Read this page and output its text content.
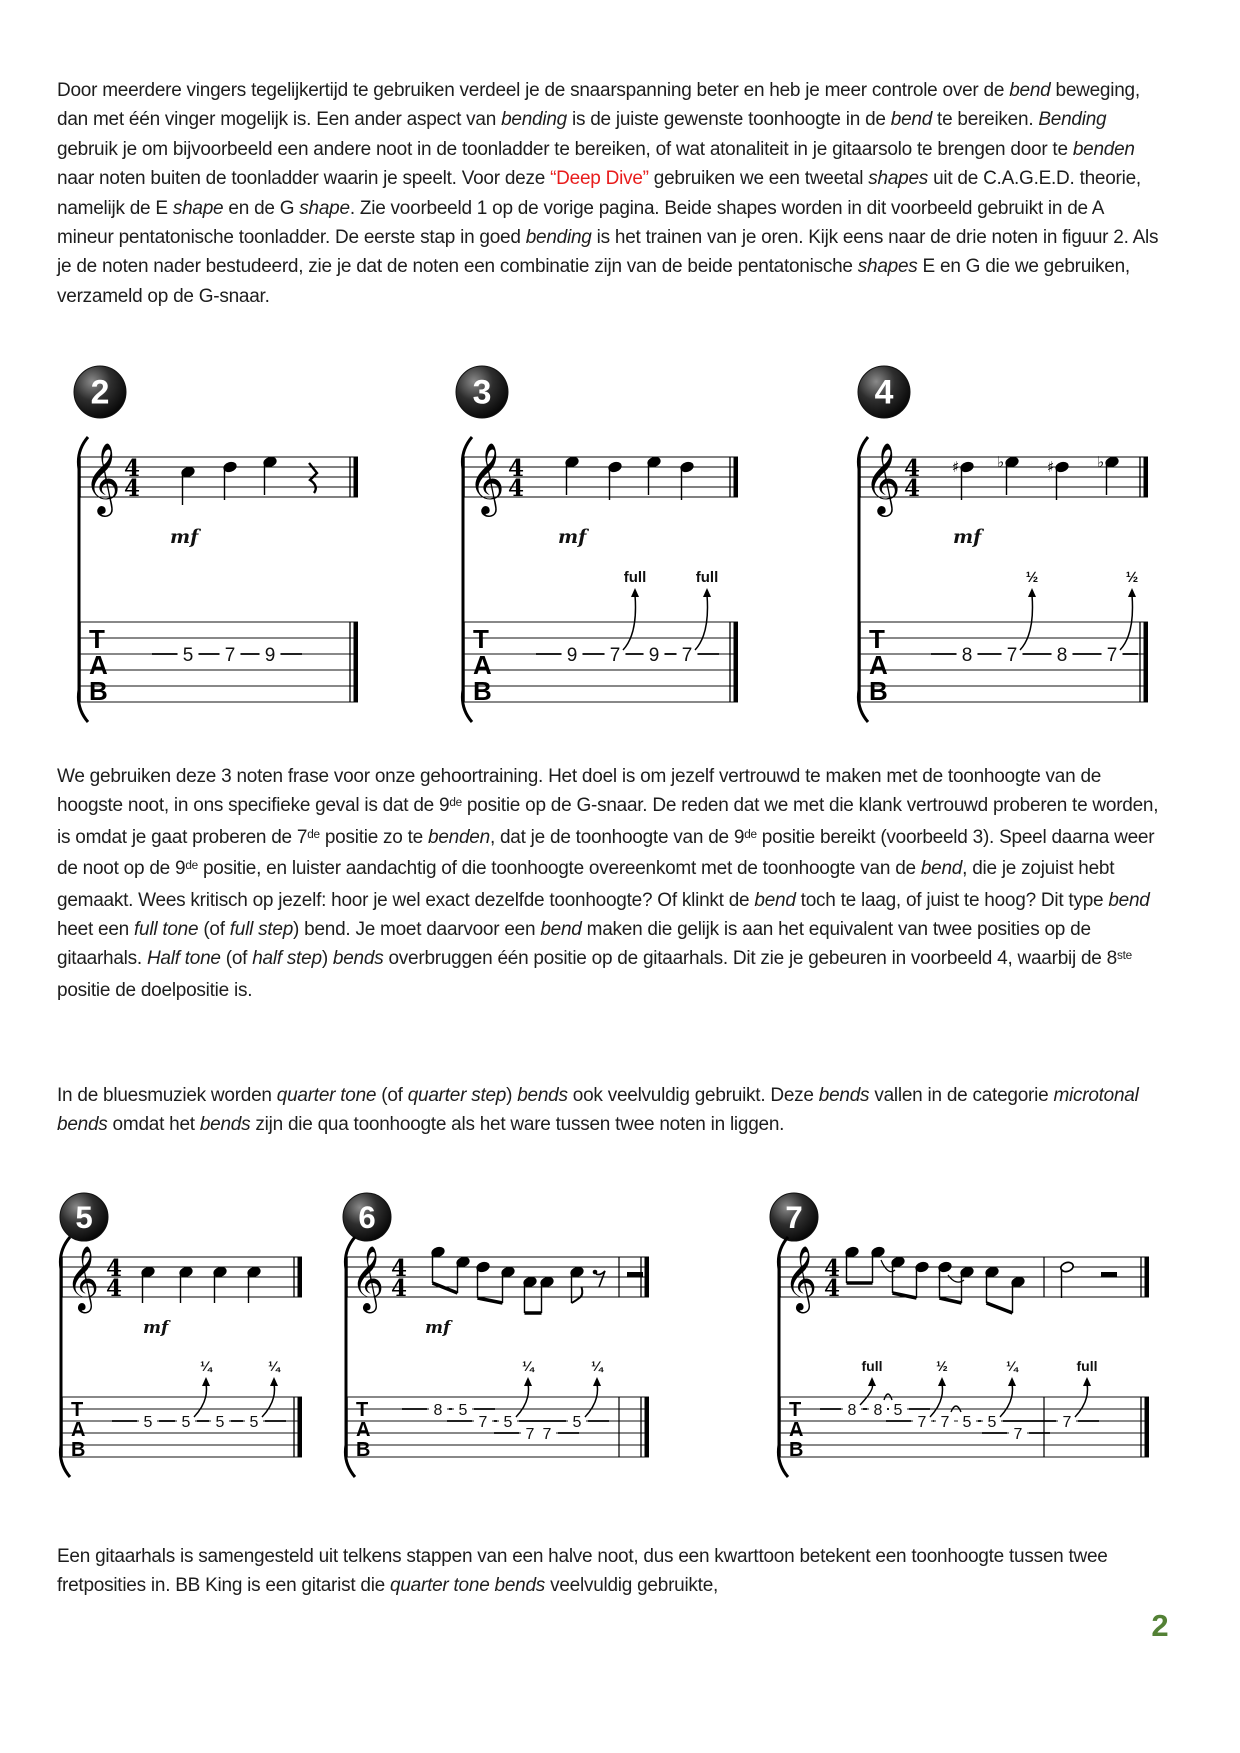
Door meerdere vingers tegelijkertijd te gebruiken verdeel je de snaarspanning beter en heb je meer controle over de bend beweging, dan met één vinger mogelijk is. Een ander aspect van bending is de juiste gewenste toonhoogte in de bend te bereiken. Bending gebruik je om bijvoorbeeld een andere noot in de toonladder te bereiken, of wat atonaliteit in je gitaarsolo te brengen door te benden naar noten buiten de toonladder waarin je speelt. Voor deze “Deep Dive” gebruiken we een tweetal shapes uit de C.A.G.E.D. theorie, namelijk de E shape en de G shape. Zie voorbeeld 1 op de vorige pagina. Beide shapes worden in dit voorbeeld gebruikt in de A mineur pentatonische toonladder. De eerste stap in goed bending is het trainen van je oren. Kijk eens naar de drie noten in figuur 2. Als je de noten nader bestudeerd, zie je dat de noten een combinatie zijn van de beide pentatonische shapes E en G die we gebruiken, verzameld op de G-snaar.

We gebruiken deze 3 noten frase voor onze gehoortraining. Het doel is om jezelf vertrouwd te maken met de toonhoogte van de hoogste noot, in ons specifieke geval is dat de 9de positie op de G-snaar. De reden dat we met die klank vertrouwd proberen te worden, is omdat je gaat proberen de 7de positie zo te benden, dat je de toonhoogte van de 9de positie bereikt (voorbeeld 3). Speel daarna weer de noot op de 9de positie, en luister aandachtig of die toonhoogte overeenkomt met de toonhoogte van de bend, die je zojuist hebt gemaakt. Wees kritisch op jezelf: hoor je wel exact dezelfde toonhoogte? Of klinkt de bend toch te laag, of juist te hoog? Dit type bend heet een full tone (of full step) bend. Je moet daarvoor een bend maken die gelijk is aan het equivalent van twee posities op de gitaarhals. Half tone (of half step) bends overbruggen één positie op de gitaarhals. Dit zie je gebeuren in voorbeeld 4, waarbij de 8ste positie de doelpositie is.

In de bluesmuziek worden quarter tone (of quarter step) bends ook veelvuldig gebruikt. Deze bends vallen in de categorie microtonal bends omdat het bends zijn die qua toonhoogte als het ware tussen twee noten in liggen.

Een gitaarhals is samengesteld uit telkens stappen van een halve noot, dus een kwarttoon betekent een toonhoogte tussen twee fretposities in. BB King is een gitarist die quarter tone bends veelvuldig gebruikte,

2
𝄞 4
4
mf
T
A
B
5 7 9
3
𝄞 4
4
mf
T
A
B
9 7
full
9 7
full
4
𝄞 4
4
mf
♯	♭	♯	♭
T
A
B
8 7
½
8 7
½
5
𝄞 4
4
mf
T
A
B
5 5
¼
5 5
¼
6
𝄞 4
4
mf
T
A
B
8 5
7 5
¼
7 7
5
¼
7
𝄞 4
4
T
A
B
8
full
8 5
7
½
7 5 5
¼
7
7
full
2
